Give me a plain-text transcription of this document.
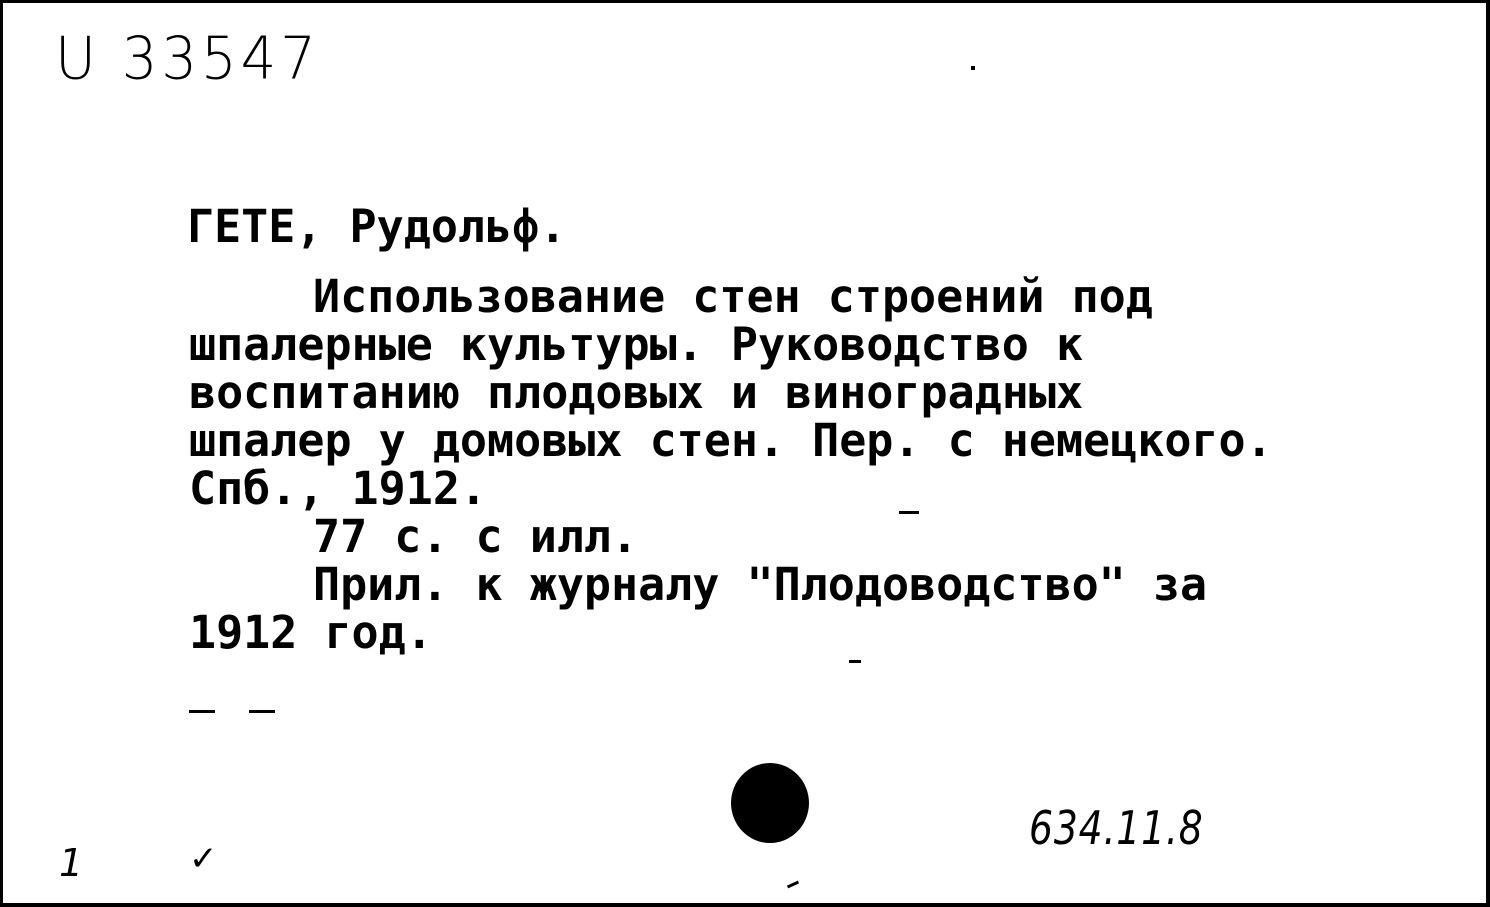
U 33547
ГЕТЕ, Рудольф.
Использование стен строений под
шпалерные культуры. Руководство к
воспитанию плодовых и виноградных
шпалер у домовых стен. Пер. с немецкого.
Спб., 1912.
77 с. с илл.
Прил. к журналу "Плодоводство" за
1912 год.
634.11.8
1	✓
